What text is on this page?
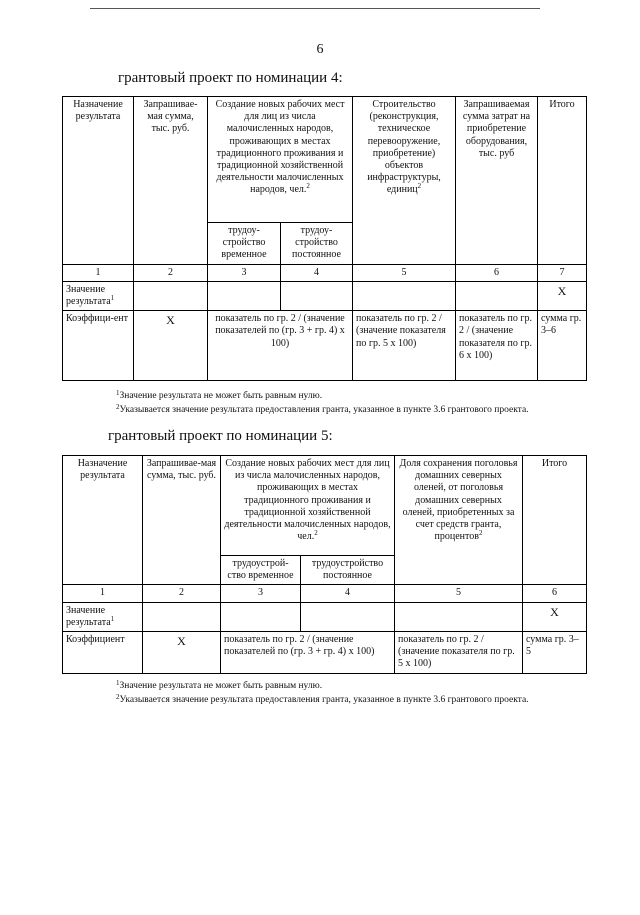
6
грантовый проект по номинации 4:
Назначение результата	Запрашивае-мая сумма, тыс. руб.	Создание новых рабочих мест для лиц из числа малочисленных народов, проживающих в местах традиционного проживания и традиционной хозяйственной деятельности малочисленных народов, чел.$^2$		Строительство (реконструкция, техническое перевооружение, приобретение) объектов инфраструктуры, единиц$^2$	Запрашиваемая сумма затрат на приобретение оборудования, тыс. руб	Итого
		трудоу-стройство временное	трудоу-стройство постоянное			
1	2	3	4	5	6	7
Значение результата$^1$						X
Коэффици-ент	X	показатель по гр. 2 / (значение показателей по (гр. 3 + гр. 4) x 100)		показатель по гр. 2 / (значение показателя по гр. 5 x 100)	показатель по гр. 2 / (значение показателя по гр. 6 x 100)	сумма гр. 3–6
$^1$Значение результата не может быть равным нулю.
$^2$Указывается значение результата предоставления гранта, указанное в пункте 3.6 грантового проекта.
грантовый проект по номинации 5:
Назначение результата	Запрашивае-мая сумма, тыс. руб.	Создание новых рабочих мест для лиц из числа малочисленных народов, проживающих в местах традиционного проживания и традиционной хозяйственной деятельности малочисленных народов, чел.$^2$		Доля сохранения поголовья домашних северных оленей, от поголовья домашних северных оленей, приобретенных за счет средств гранта, процентов$^2$	Итого
		трудоустрой-ство временное	трудоустройство постоянное		
1	2	3	4	5	6
Значение результата$^1$					X
Коэффициент	X	показатель по гр. 2 / (значение показателей по (гр. 3 + гр. 4) x 100)		показатель по гр. 2 / (значение показателя по гр. 5 x 100)	сумма гр. 3–5
$^1$Значение результата не может быть равным нулю.
$^2$Указывается значение результата предоставления гранта, указанное в пункте 3.6 грантового проекта.
